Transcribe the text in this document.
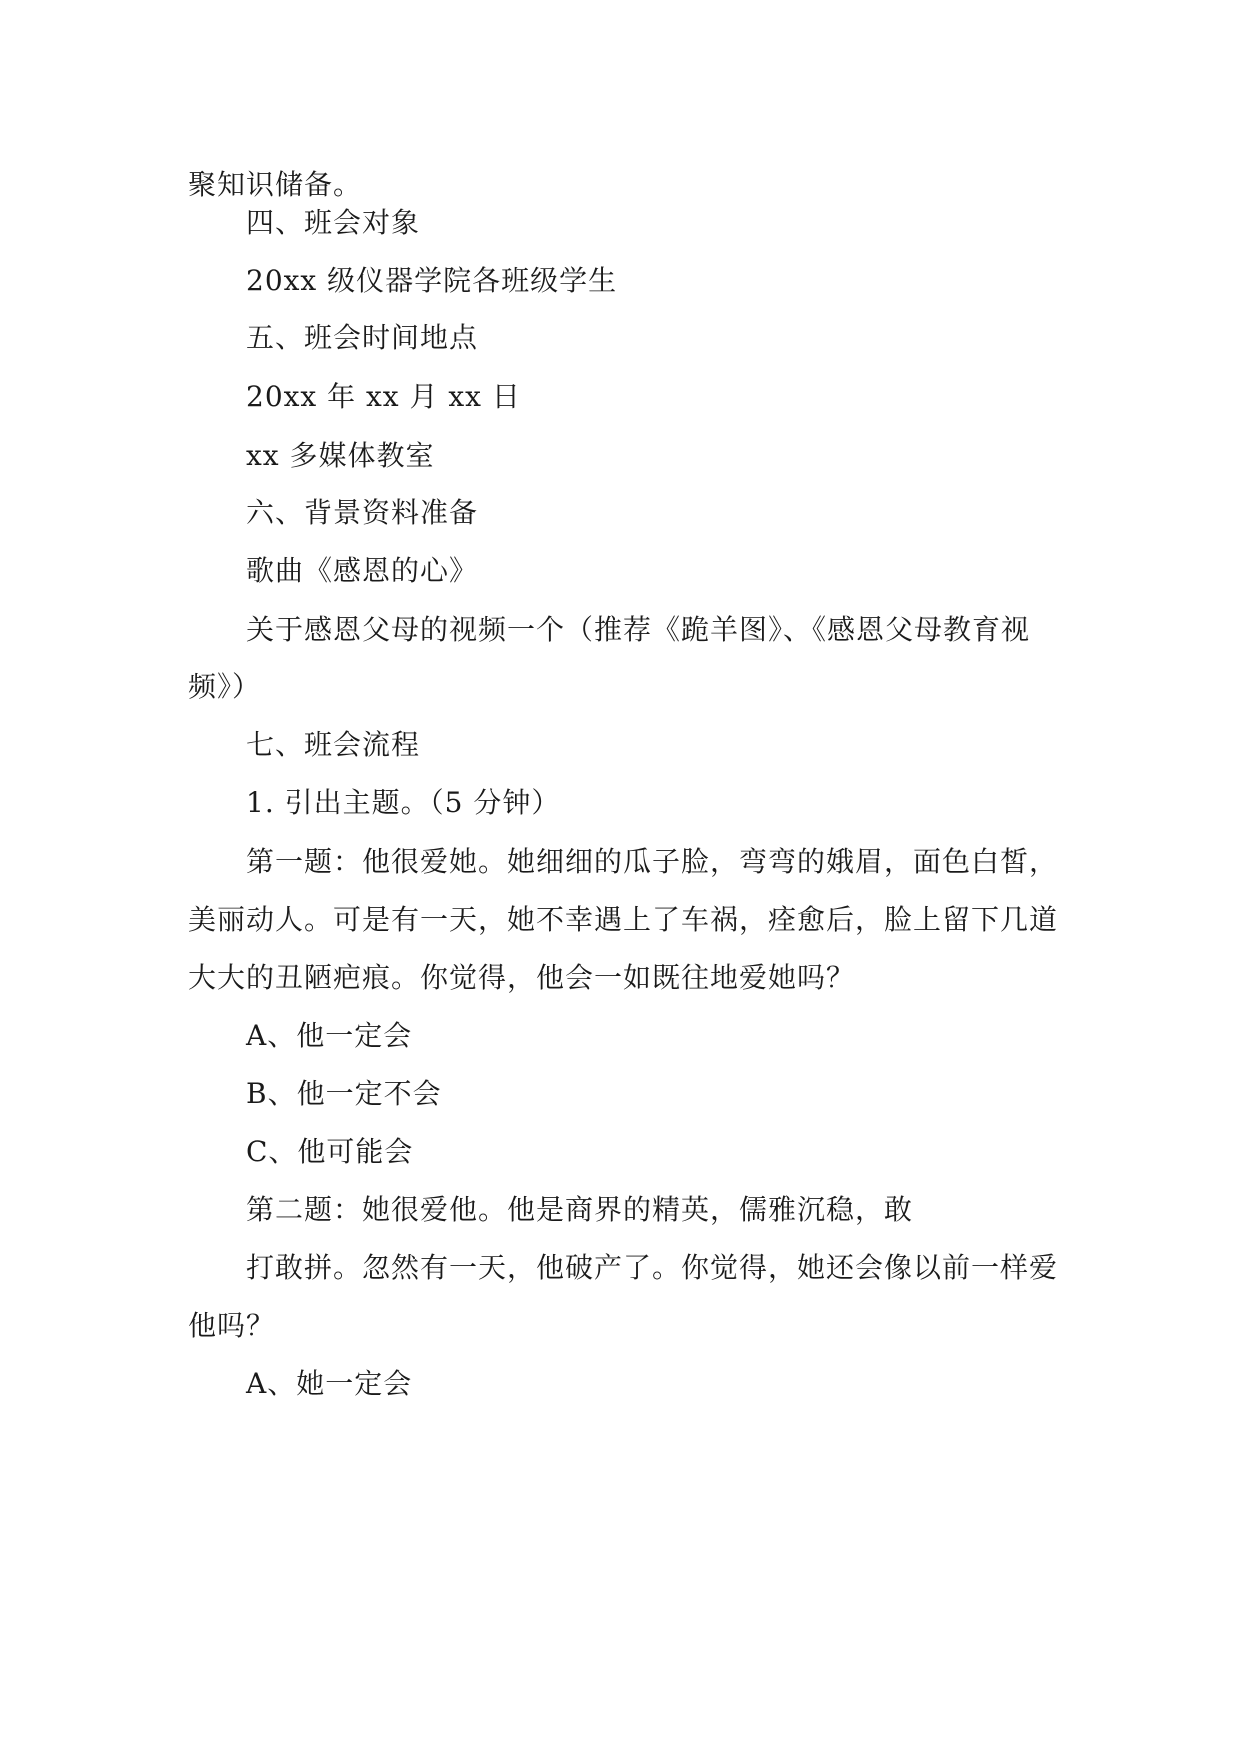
聚知识储备。
四、班会对象
20xx 级仪器学院各班级学生
五、班会时间地点
20xx 年 xx 月 xx 日
xx 多媒体教室
六、背景资料准备
歌曲《感恩的心》
关于感恩父母的视频一个（推荐《跪羊图》、《感恩父母教育视
频》）
七、班会流程
1. 引出主题。（5 分钟）
第一题：他很爱她。她细细的瓜子脸，弯弯的娥眉，面色白皙，
美丽动人。可是有一天，她不幸遇上了车祸，痊愈后，脸上留下几道
大大的丑陋疤痕。你觉得，他会一如既往地爱她吗？
A、他一定会
B、他一定不会
C、他可能会
第二题：她很爱他。他是商界的精英，儒雅沉稳，敢
打敢拼。忽然有一天，他破产了。你觉得，她还会像以前一样爱
他吗？
A、她一定会
